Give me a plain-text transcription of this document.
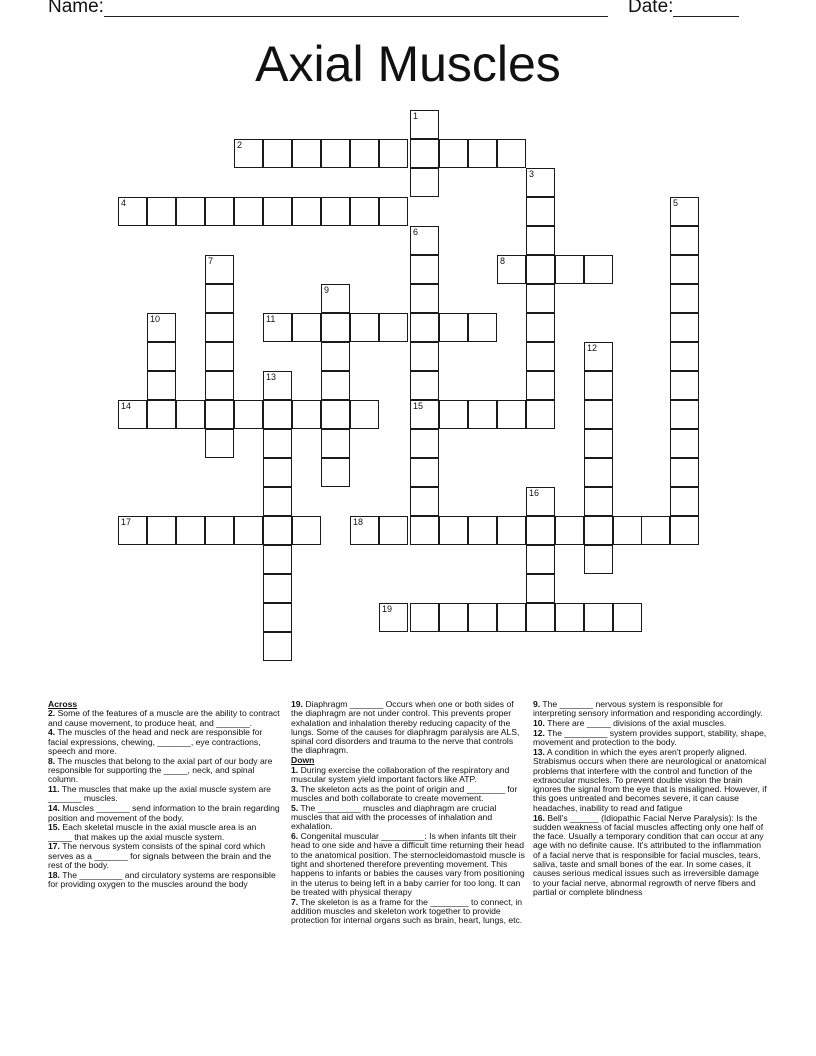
Name:	Date:
Axial Muscles
1
6
15
2
3
4	5
7	8
9
10	11
12
13
14
16
17	18
19
Across
2. Some of the features of a muscle are the ability to contract and cause movement, to produce heat, and _______.
4. The muscles of the head and neck are responsible for facial expressions, chewing, _______, eye contractions, speech and more.
8. The muscles that belong to the axial part of our body are responsible for supporting the _____, neck, and spinal column.
11. The muscles that make up the axial muscle system are _______ muscles.
14. Muscles _______ send information to the brain regarding position and movement of the body.
15. Each skeletal muscle in the axial muscle area is an _____ that makes up the axial muscle system.
17. The nervous system consists of the spinal cord which serves as a _______ for signals between the brain and the rest of the body.
18. The _________ and circulatory systems are responsible for providing oxygen to the muscles around the body
19. Diaphragm _______ Occurs when one or both sides of the diaphragm are not under control. This prevents proper exhalation and inhalation thereby reducing capacity of the lungs. Some of the causes for diaphragm paralysis are ALS, spinal cord disorders and trauma to the nerve that controls the diaphragm.
Down
1. During exercise the collaboration of the respiratory and muscular system yield important factors like ATP.
3. The skeleton acts as the point of origin and ________ for muscles and both collaborate to create movement.
5. The _________ muscles and diaphragm are crucial muscles that aid with the processes of inhalation and exhalation.
6. Congenital muscular _________: Is when infants tilt their head to one side and have a difficult time returning their head to the anatomical position. The sternocleidomastoid muscle is tight and shortened therefore preventing movement. This happens to infants or babies the causes vary from positioning in the uterus to being left in a baby carrier for too long. It can be treated with physical therapy
7. The skeleton is as a frame for the ________ to connect, in addition muscles and skeleton work together to provide protection for internal organs such as brain, heart, lungs, etc.
9. The _______ nervous system is responsible for interpreting sensory information and responding accordingly.
10. There are _____ divisions of the axial muscles.
12. The _________ system provides support, stability, shape, movement and protection to the body.
13. A condition in which the eyes aren't properly aligned. Strabismus occurs when there are neurological or anatomical problems that interfere with the control and function of the extraocular muscles. To prevent double vision the brain ignores the signal from the eye that is misaligned. However, if this goes untreated and becomes severe, it can cause headaches, inability to read and fatigue
16. Bell's ______ (Idiopathic Facial Nerve Paralysis): Is the sudden weakness of facial muscles affecting only one half of the face. Usually a temporary condition that can occur at any age with no definite cause. It's attributed to the inflammation of a facial nerve that is responsible for facial muscles, tears, saliva, taste and small bones of the ear. In some cases, it causes serious medical issues such as irreversible damage to your facial nerve, abnormal regrowth of nerve fibers and partial or complete blindness
